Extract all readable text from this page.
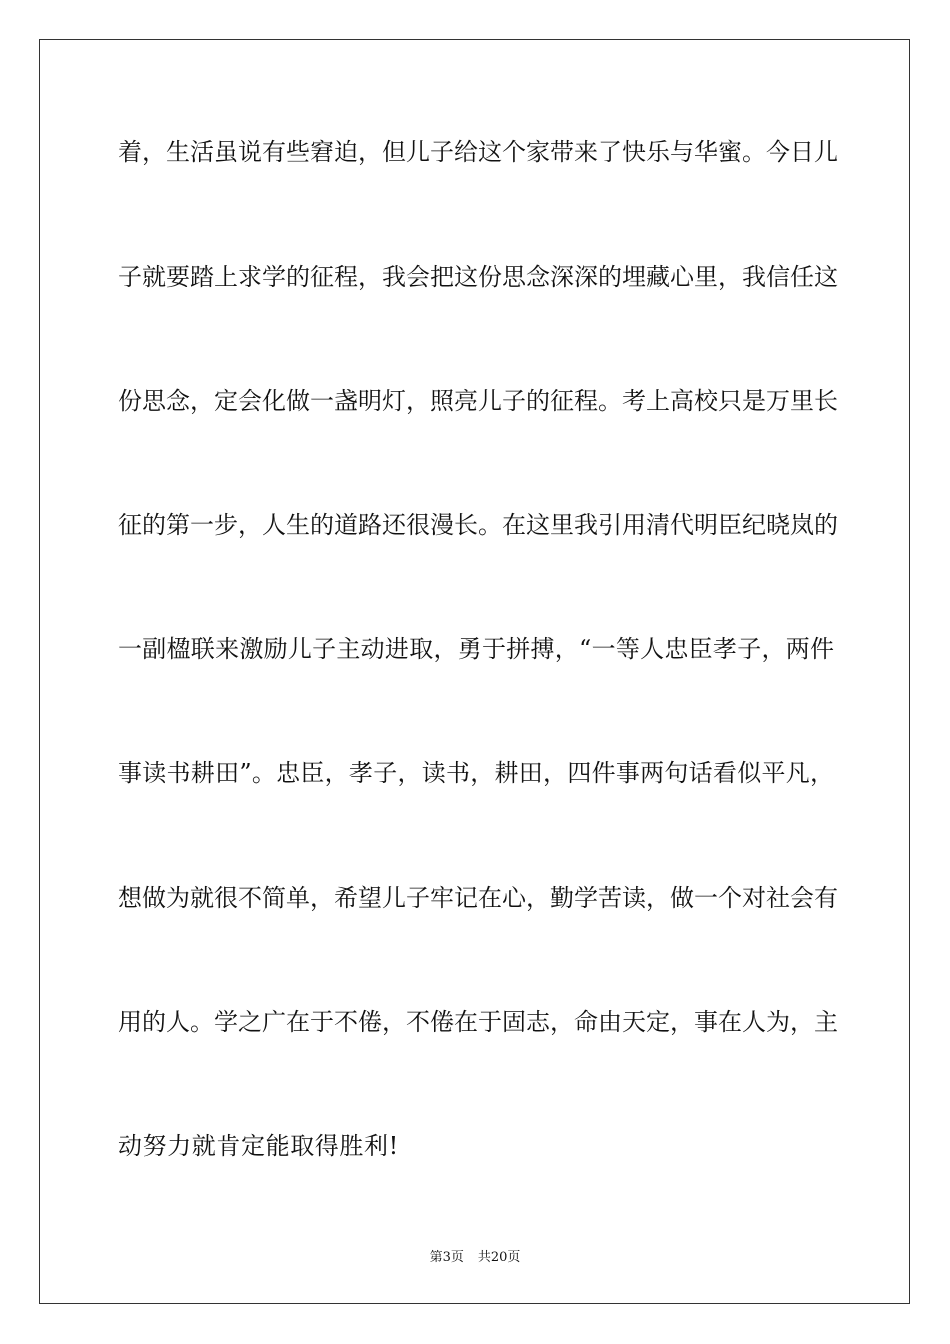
着，生活虽说有些窘迫，但儿子给这个家带来了快乐与华蜜。今日儿
子就要踏上求学的征程，我会把这份思念深深的埋藏心里，我信任这
份思念，定会化做一盏明灯，照亮儿子的征程。考上高校只是万里长
征的第一步，人生的道路还很漫长。在这里我引用清代明臣纪晓岚的
一副楹联来激励儿子主动进取，勇于拼搏，“一等人忠臣孝子，两件
事读书耕田”。忠臣，孝子，读书，耕田，四件事两句话看似平凡，
想做为就很不简单，希望儿子牢记在心，勤学苦读，做一个对社会有
用的人。学之广在于不倦，不倦在于固志，命由天定，事在人为，主
动努力就肯定能取得胜利!
第3页 共20页
